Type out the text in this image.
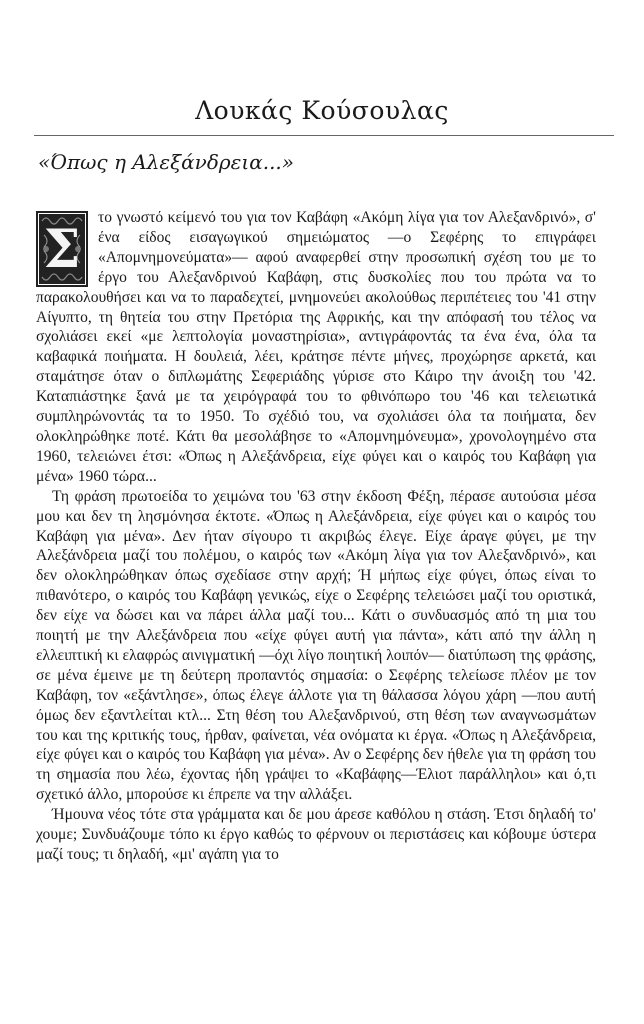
Λουκάς Κούσουλας
«Όπως η Αλεξάνδρεια...»
Σ

το γνωστό κείμενό του για τον Καβάφη «Ακόμη λίγα για τον Αλεξανδρινό», σ' ένα είδος εισαγωγικού σημειώματος —ο Σεφέρης το επιγράφει «Απομνημονεύματα»— αφού αναφερθεί στην προσωπική σχέση του με το έργο του Αλεξανδρινού Καβάφη, στις δυσκολίες που του πρώτα να το παρακολουθήσει και να το παραδεχτεί, μνημονεύει ακολούθως περιπέτειες του '41 στην Αίγυπτο, τη θητεία του στην Πρετόρια της Αφρικής, και την απόφασή του τέλος να σχολιάσει εκεί «με λεπτολογία μοναστηρίσια», αντιγράφοντάς τα ένα ένα, όλα τα καβαφικά ποιήματα. Η δουλειά, λέει, κράτησε πέντε μήνες, προχώρησε αρκετά, και σταμάτησε όταν ο διπλωμάτης Σεφεριάδης γύρισε στο Κάιρο την άνοιξη του '42. Καταπιάστηκε ξανά με τα χειρόγραφά του το φθινόπωρο του '46 και τελειωτικά συμπληρώνοντάς τα το 1950. Το σχέδιό του, να σχολιάσει όλα τα ποιήματα, δεν ολοκληρώθηκε ποτέ. Κάτι θα μεσολάβησε το «Απομνημόνευμα», χρονολογημένο στα 1960, τελειώνει έτσι: «Όπως η Αλεξάνδρεια, είχε φύγει και ο καιρός του Καβάφη για μένα» 1960 τώρα...

Τη φράση πρωτοείδα το χειμώνα του '63 στην έκδοση Φέξη, πέρασε αυτούσια μέσα μου και δεν τη λησμόνησα έκτοτε. «Όπως η Αλεξάνδρεια, είχε φύγει και ο καιρός του Καβάφη για μένα». Δεν ήταν σίγουρο τι ακριβώς έλεγε. Είχε άραγε φύγει, με την Αλεξάνδρεια μαζί του πολέμου, ο καιρός των «Ακόμη λίγα για τον Αλεξανδρινό», και δεν ολοκληρώθηκαν όπως σχεδίασε στην αρχή; Ή μήπως είχε φύγει, όπως είναι το πιθανότερο, ο καιρός του Καβάφη γενικώς, είχε ο Σεφέρης τελειώσει μαζί του οριστικά, δεν είχε να δώσει και να πάρει άλλα μαζί του... Κάτι ο συνδυασμός από τη μια του ποιητή με την Αλεξάνδρεια που «είχε φύγει αυτή για πάντα», κάτι από την άλλη η ελλειπτική κι ελαφρώς αινιγματική —όχι λίγο ποιητική λοιπόν— διατύπωση της φράσης, σε μένα έμεινε με τη δεύτερη προπαντός σημασία: ο Σεφέρης τελείωσε πλέον με τον Καβάφη, τον «εξάντλησε», όπως έλεγε άλλοτε για τη θάλασσα λόγου χάρη —που αυτή όμως δεν εξαντλείται κτλ... Στη θέση του Αλεξανδρινού, στη θέση των αναγνωσμάτων του και της κριτικής τους, ήρθαν, φαίνεται, νέα ονόματα κι έργα. «Όπως η Αλεξάνδρεια, είχε φύγει και ο καιρός του Καβάφη για μένα». Αν ο Σεφέρης δεν ήθελε για τη φράση του τη σημασία που λέω, έχοντας ήδη γράψει το «Καβάφης—Έλιοτ παράλληλοι» και ό,τι σχετικό άλλο, μπορούσε κι έπρεπε να την αλλάξει.

Ήμουνα νέος τότε στα γράμματα και δε μου άρεσε καθόλου η στάση. Έτσι δηλαδή το' χουμε; Συνδυάζουμε τόπο κι έργο καθώς το φέρνουν οι περιστάσεις και κόβουμε ύστερα μαζί τους; τι δηλαδή, «μι' αγάπη για το
